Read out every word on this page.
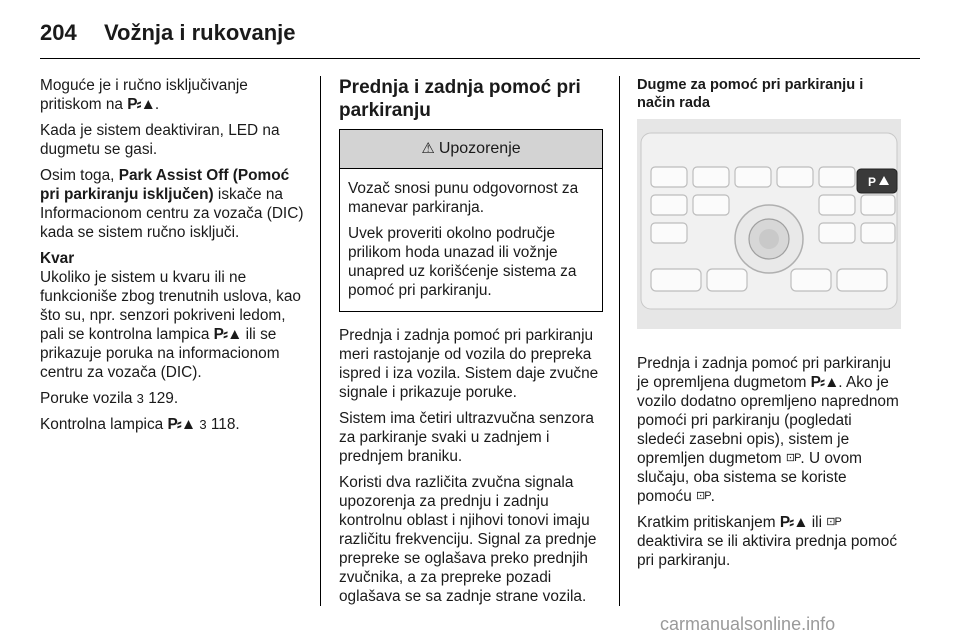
204 Vožnja i rukovanje

Moguće je i ručno isključivanje pritiskom na P⸗▲.

Kada je sistem deaktiviran, LED na dugmetu se gasi.

Osim toga, Park Assist Off (Pomoć pri parkiranju isključen) iskače na Informacionom centru za vozača (DIC) kada se sistem ručno isključi.

Kvar

Ukoliko je sistem u kvaru ili ne funkcioniše zbog trenutnih uslova, kao što su, npr. senzori pokriveni ledom, pali se kontrolna lampica P⸗▲ ili se prikazuje poruka na informacionom centru za vozača (DIC).

Poruke vozila 3 129.

Kontrolna lampica P⸗▲ 3 118.

Prednja i zadnja pomoć pri parkiranju

⚠ Upozorenje

Vozač snosi punu odgovornost za manevar parkiranja.

Uvek proveriti okolno područje prilikom hoda unazad ili vožnje unapred uz korišćenje sistema za pomoć pri parkiranju.

Prednja i zadnja pomoć pri parkiranju meri rastojanje od vozila do prepreka ispred i iza vozila. Sistem daje zvučne signale i prikazuje poruke.

Sistem ima četiri ultrazvučna senzora za parkiranje svaki u zadnjem i prednjem braniku.

Koristi dva različita zvučna signala upozorenja za prednju i zadnju kontrolnu oblast i njihovi tonovi imaju različitu frekvenciju. Signal za prednje prepreke se oglašava preko prednjih zvučnika, a za prepreke pozadi oglašava se sa zadnje strane vozila.

Dugme za pomoć pri parkiranju i način rada

P

Prednja i zadnja pomoć pri parkiranju je opremljena dugmetom P⸗▲. Ako je vozilo dodatno opremljeno naprednom pomoći pri parkiranju (pogledati sledeći zasebni opis), sistem je opremljen dugmetom ⊡P. U ovom slučaju, oba sistema se koriste pomoću ⊡P.

Kratkim pritiskanjem P⸗▲ ili ⊡P deaktivira se ili aktivira prednja pomoć pri parkiranju.

carmanualsonline.info
